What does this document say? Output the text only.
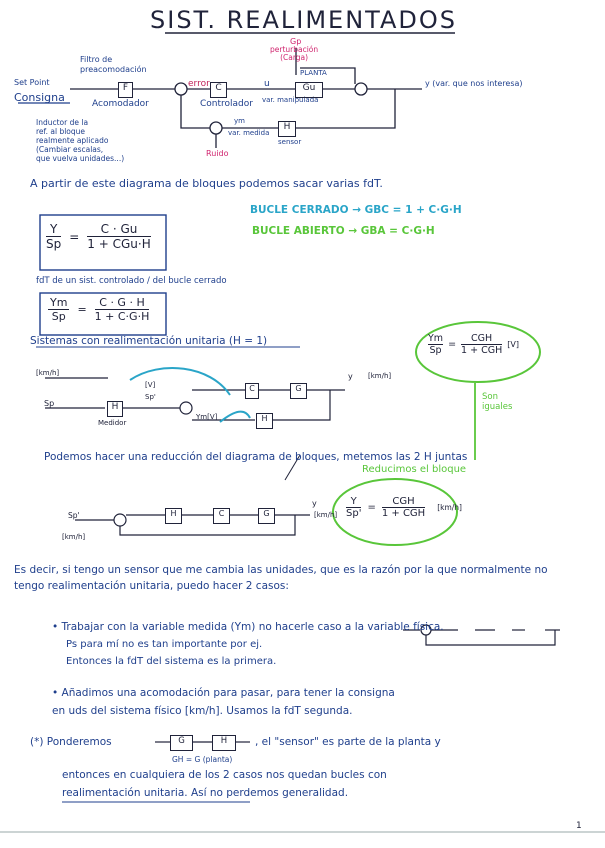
SIST. REALIMENTADOS
Set Point
Consigna
Filtro de
preacomodación
F
Acomodador
error C
Controlador
u
var. manipulada
Gp
perturbación
(Carga)
PLANTA
Gu	y (var. que nos interesa)
ym
var. medida
H
sensor
Ruido
Inductor de la
ref. al bloque
realmente aplicado
(Cambiar escalas,
que vuelva unidades...)
A partir de este diagrama de bloques podemos sacar varias fdT.
BUCLE CERRADO → GBC = 1 + C·G·H
BUCLE ABIERTO → GBA = C·G·H
$\frac{Y}{Sp}$ =
C · Gu
1 + CGu·H
fdT de un sist. controlado / del bucle cerrado
$\frac{Ym}{Sp} = \frac{C \cdot G \cdot H}{1 + C\cdot G\cdot H}$
$\frac{Ym}{Sp}$ =
CGH
1 + CGH
[V]
Son
iguales
Sistemas con realimentación unitaria (H = 1)
[km/h]
Sp	H
Medidor
[V]
Sp'
C	G
y [km/h]
Ym[V]	H
Podemos hacer una reducción del diagrama de bloques, metemos las 2 H juntas
Reducimos el bloque
Sp'
[km/h]
H	C	G
y
$[km/h] \frac{Y}{Sp'}$ =
CGH
1 + CGH
[km/h]
Es decir, si tengo un sensor que me cambia las unidades, que es la razón por la que normalmente no tengo realimentación unitaria, puedo hacer 2 casos:
• Trabajar con la variable medida (Ym) no hacerle caso a la variable física.
Ps para mí no es tan importante por ej.
Entonces la fdT del sistema es la primera.
• Añadimos una acomodación para pasar, para tener la consigna
en uds del sistema físico [km/h]. Usamos la fdT segunda.
(*) Ponderemos	G	H	, el "sensor" es parte de la planta y
GH = G (planta)
entonces en cualquiera de los 2 casos nos quedan bucles con
realimentación unitaria. Así no perdemos generalidad.
1
